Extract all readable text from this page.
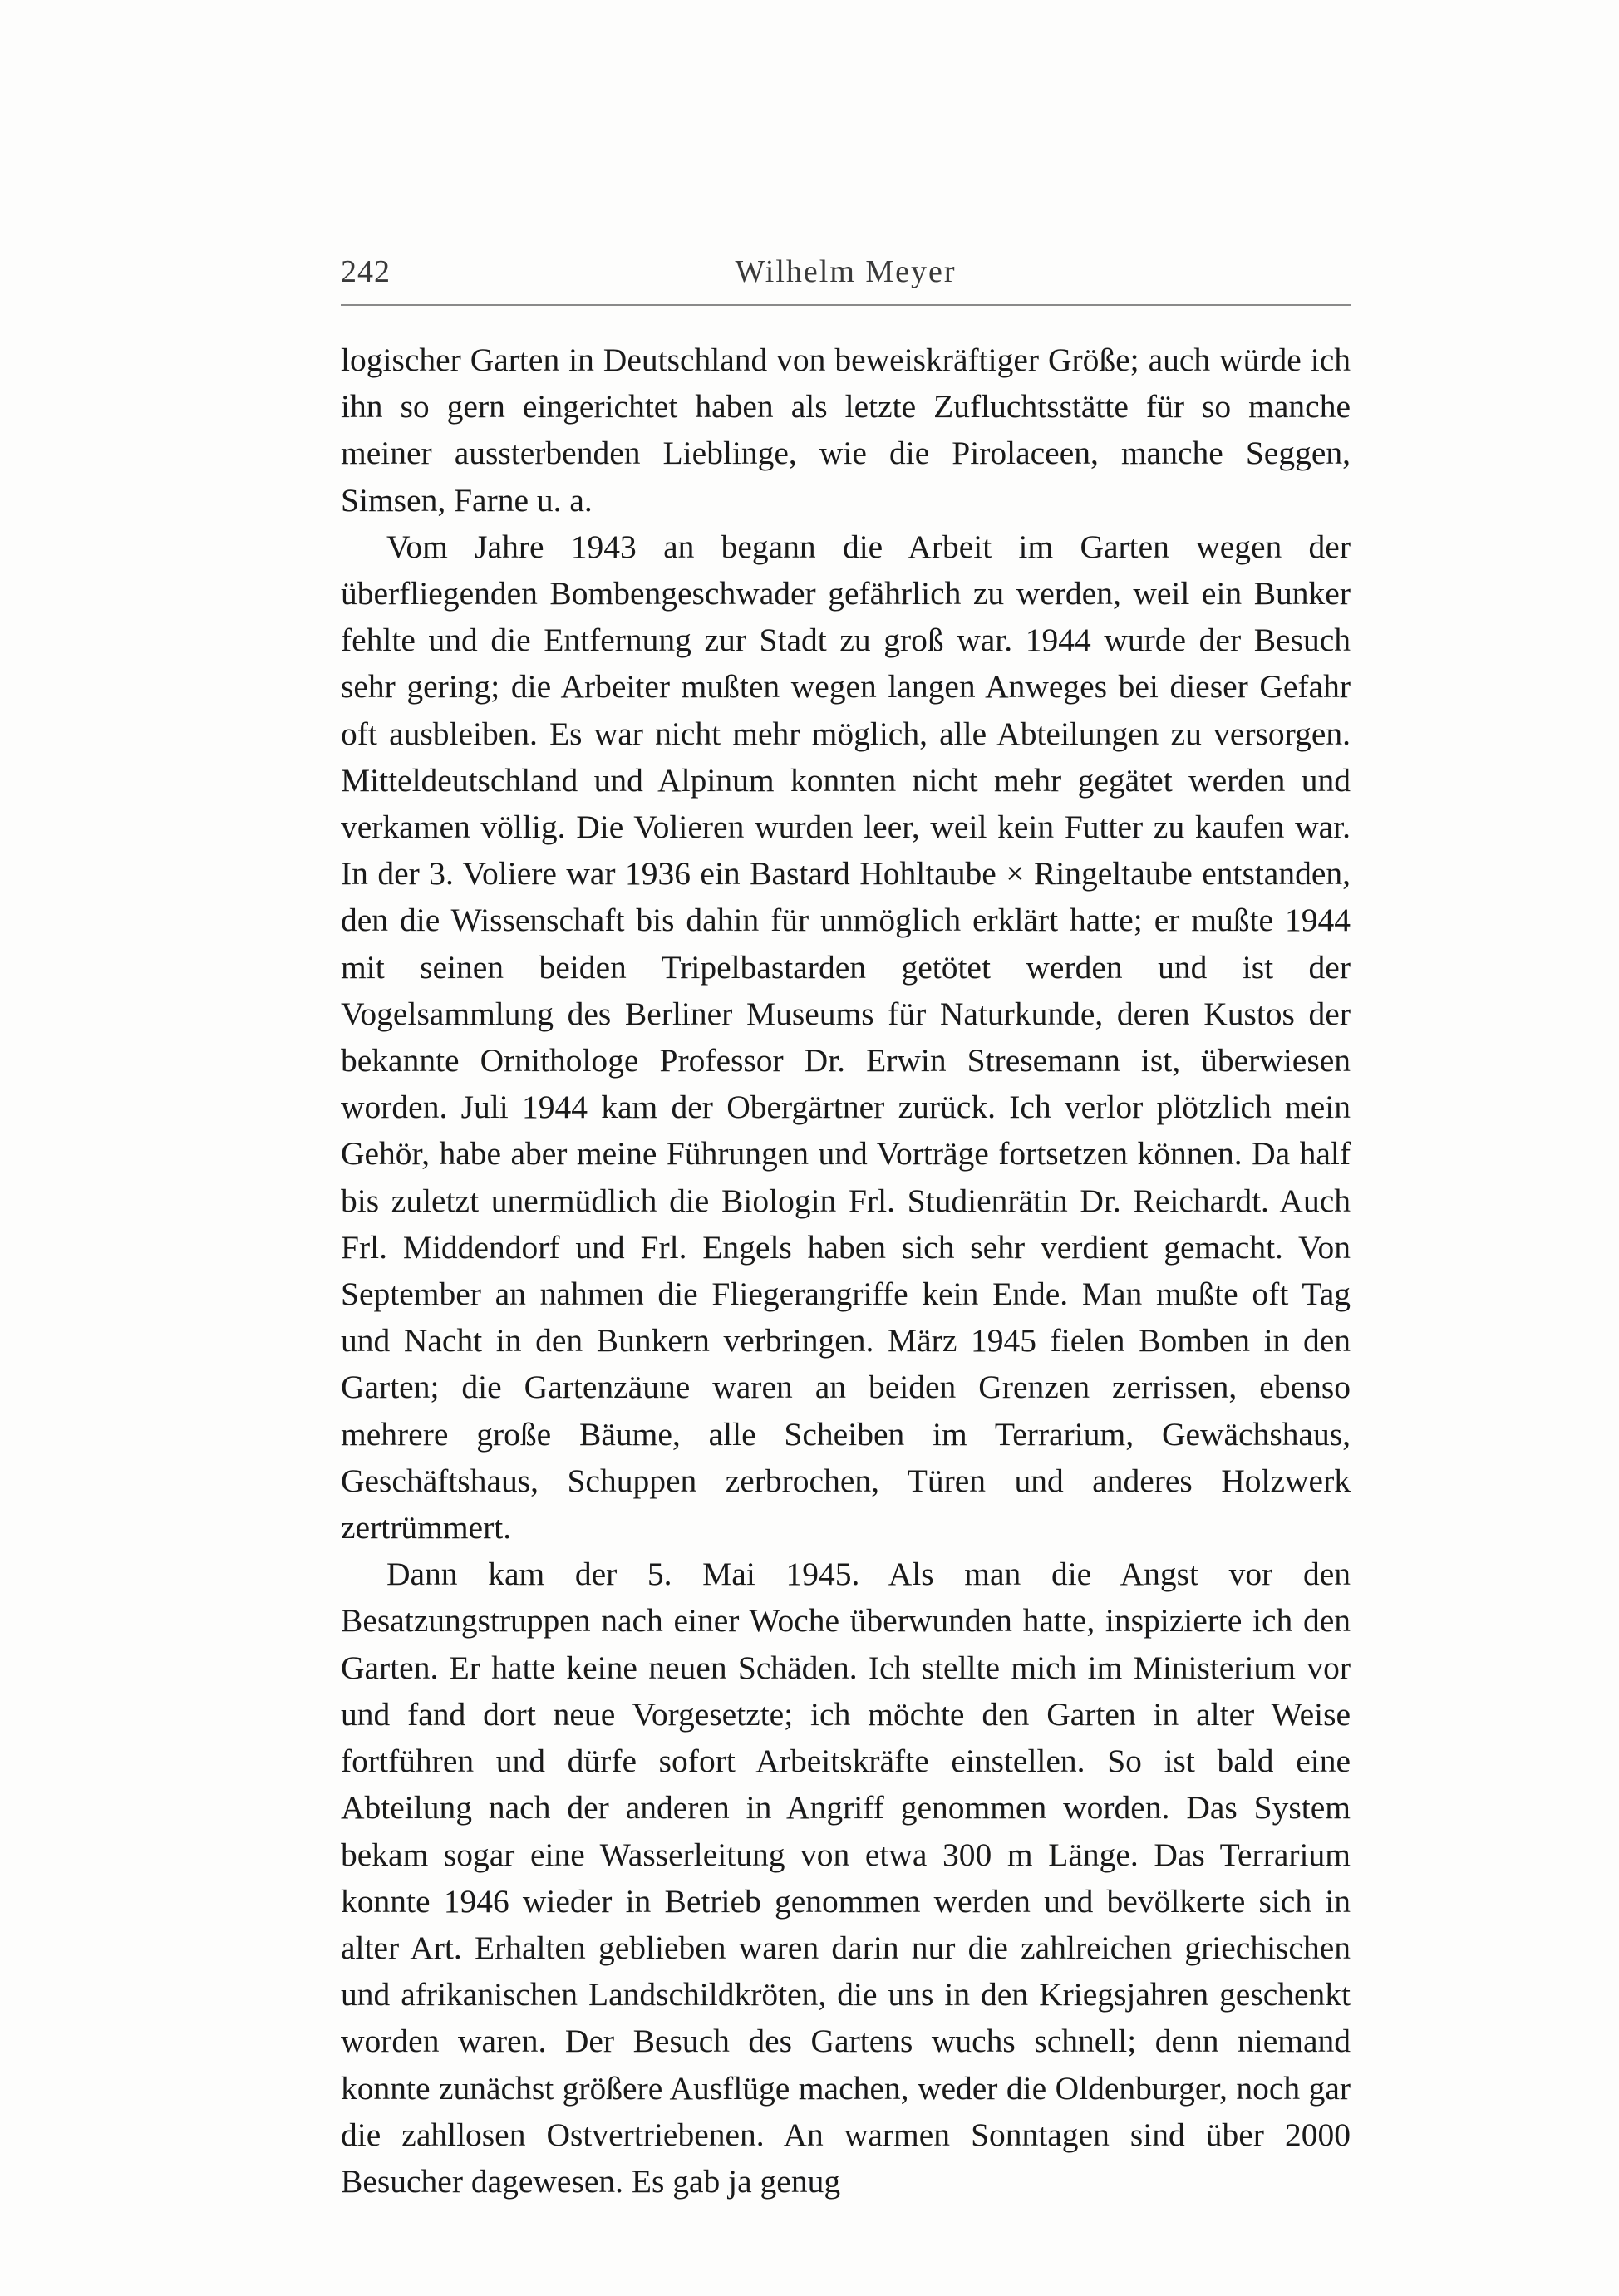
242	Wilhelm Meyer

logischer Garten in Deutschland von beweiskräftiger Größe; auch würde ich ihn so gern eingerichtet haben als letzte Zufluchtsstätte für so manche meiner aussterbenden Lieblinge, wie die Pirolaceen, manche Seggen, Simsen, Farne u. a.

Vom Jahre 1943 an begann die Arbeit im Garten wegen der überfliegenden Bombengeschwader gefährlich zu werden, weil ein Bunker fehlte und die Entfernung zur Stadt zu groß war. 1944 wurde der Besuch sehr gering; die Arbeiter mußten wegen langen Anweges bei dieser Gefahr oft ausbleiben. Es war nicht mehr möglich, alle Abteilungen zu versorgen. Mitteldeutschland und Alpinum konnten nicht mehr gegätet werden und verkamen völlig. Die Volieren wurden leer, weil kein Futter zu kaufen war. In der 3. Voliere war 1936 ein Bastard Hohltaube × Ringeltaube entstanden, den die Wissenschaft bis dahin für unmöglich erklärt hatte; er mußte 1944 mit seinen beiden Tripelbastarden getötet werden und ist der Vogelsammlung des Berliner Museums für Naturkunde, deren Kustos der bekannte Ornithologe Professor Dr. Erwin Stresemann ist, überwiesen worden. Juli 1944 kam der Obergärtner zurück. Ich verlor plötzlich mein Gehör, habe aber meine Führungen und Vorträge fortsetzen können. Da half bis zuletzt unermüdlich die Biologin Frl. Studienrätin Dr. Reichardt. Auch Frl. Middendorf und Frl. Engels haben sich sehr verdient gemacht. Von September an nahmen die Fliegerangriffe kein Ende. Man mußte oft Tag und Nacht in den Bunkern verbringen. März 1945 fielen Bomben in den Garten; die Gartenzäune waren an beiden Grenzen zerrissen, ebenso mehrere große Bäume, alle Scheiben im Terrarium, Gewächshaus, Geschäftshaus, Schuppen zerbrochen, Türen und anderes Holzwerk zertrümmert.

Dann kam der 5. Mai 1945. Als man die Angst vor den Besatzungstruppen nach einer Woche überwunden hatte, inspizierte ich den Garten. Er hatte keine neuen Schäden. Ich stellte mich im Ministerium vor und fand dort neue Vorgesetzte; ich möchte den Garten in alter Weise fortführen und dürfe sofort Arbeitskräfte einstellen. So ist bald eine Abteilung nach der anderen in Angriff genommen worden. Das System bekam sogar eine Wasserleitung von etwa 300 m Länge. Das Terrarium konnte 1946 wieder in Betrieb genommen werden und bevölkerte sich in alter Art. Erhalten geblieben waren darin nur die zahlreichen griechischen und afrikanischen Landschildkröten, die uns in den Kriegsjahren geschenkt worden waren. Der Besuch des Gartens wuchs schnell; denn niemand konnte zunächst größere Ausflüge machen, weder die Oldenburger, noch gar die zahllosen Ostvertriebenen. An warmen Sonntagen sind über 2000 Besucher dagewesen. Es gab ja genug
